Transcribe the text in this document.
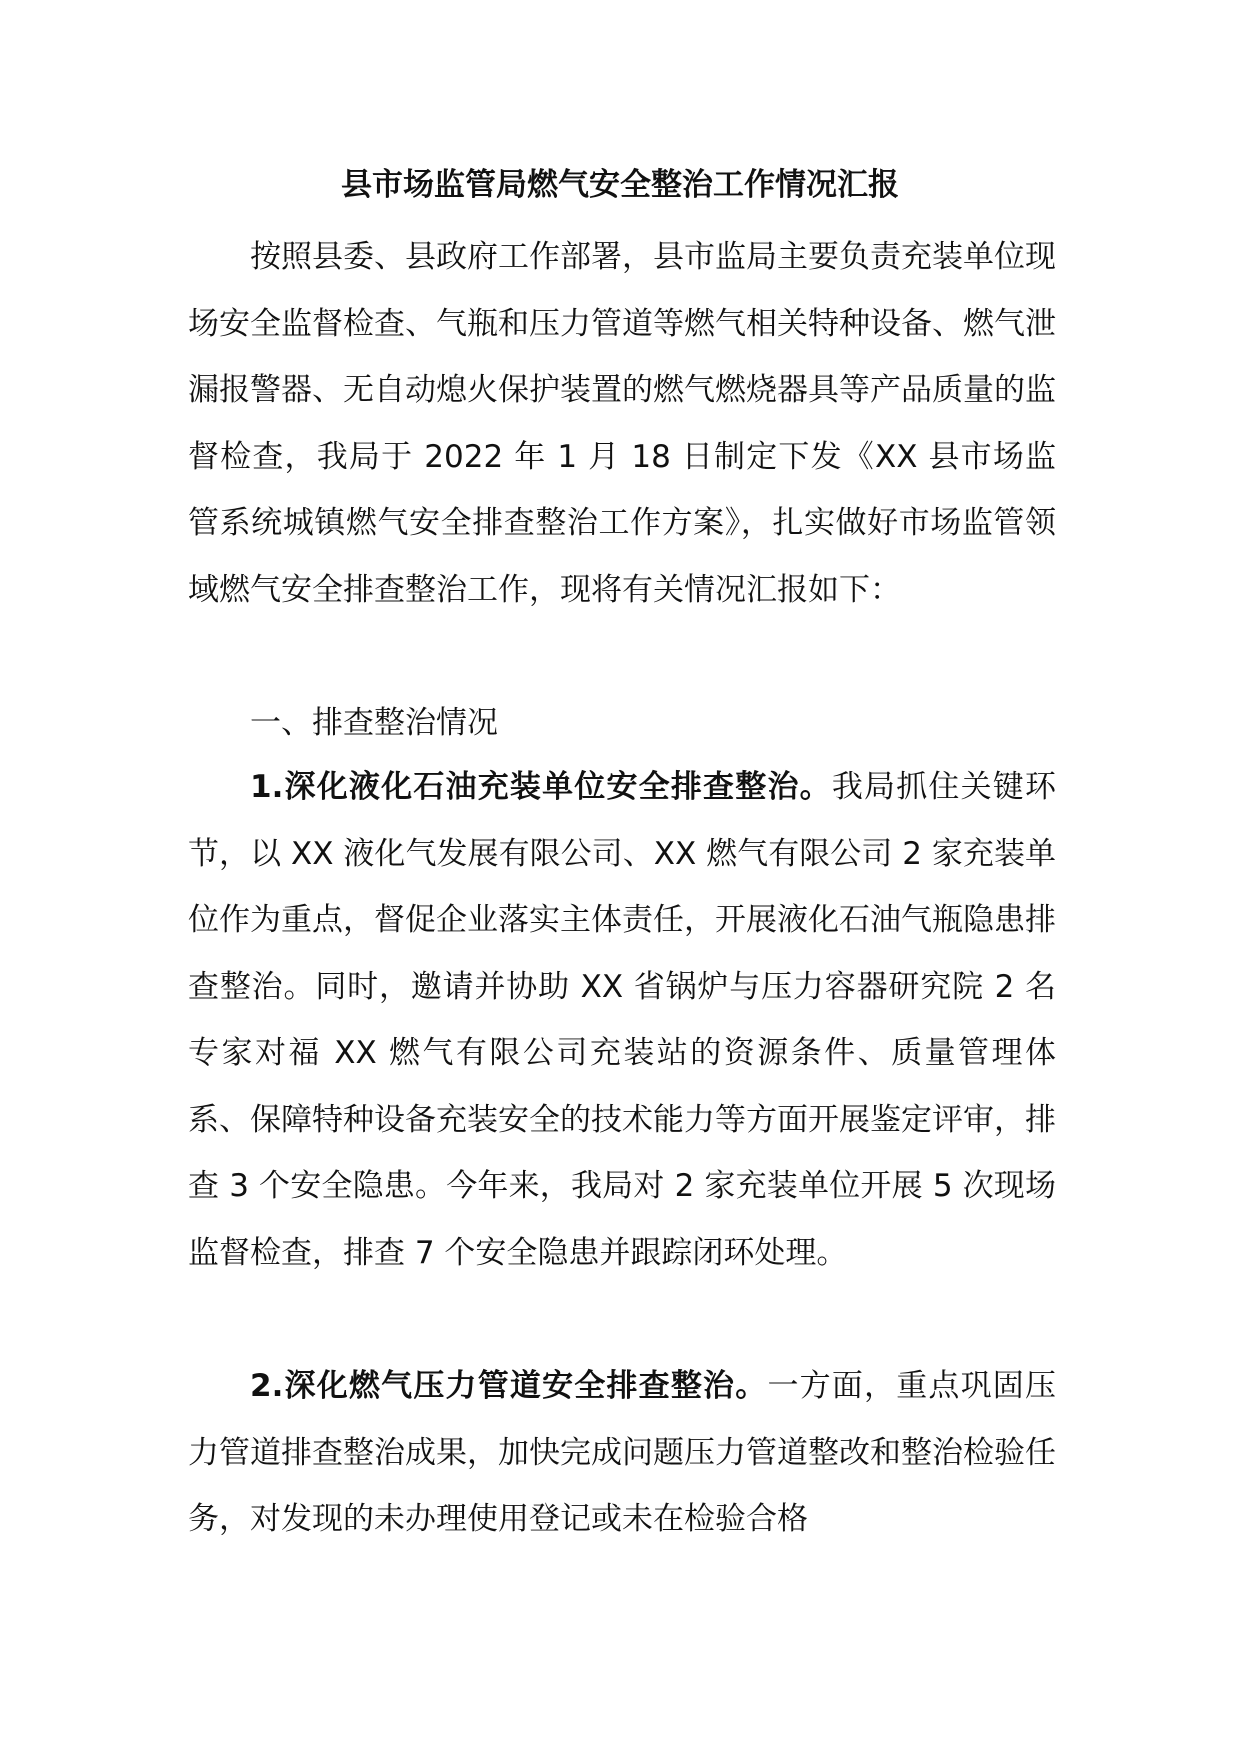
县市场监管局燃气安全整治工作情况汇报

按照县委、县政府工作部署，县市监局主要负责充装单位现场安全监督检查、气瓶和压力管道等燃气相关特种设备、燃气泄漏报警器、无自动熄火保护装置的燃气燃烧器具等产品质量的监督检查，我局于 2022 年 1 月 18 日制定下发《XX 县市场监管系统城镇燃气安全排查整治工作方案》，扎实做好市场监管领域燃气安全排查整治工作，现将有关情况汇报如下：

一、排查整治情况

1.深化液化石油充装单位安全排查整治。我局抓住关键环节，以 XX 液化气发展有限公司、XX 燃气有限公司 2 家充装单位作为重点，督促企业落实主体责任，开展液化石油气瓶隐患排查整治。同时，邀请并协助 XX 省锅炉与压力容器研究院 2 名专家对福 XX 燃气有限公司充装站的资源条件、质量管理体系、保障特种设备充装安全的技术能力等方面开展鉴定评审，排查 3 个安全隐患。今年来，我局对 2 家充装单位开展 5 次现场监督检查，排查 7 个安全隐患并跟踪闭环处理。

2.深化燃气压力管道安全排查整治。一方面，重点巩固压力管道排查整治成果，加快完成问题压力管道整改和整治检验任务，对发现的未办理使用登记或未在检验合格
